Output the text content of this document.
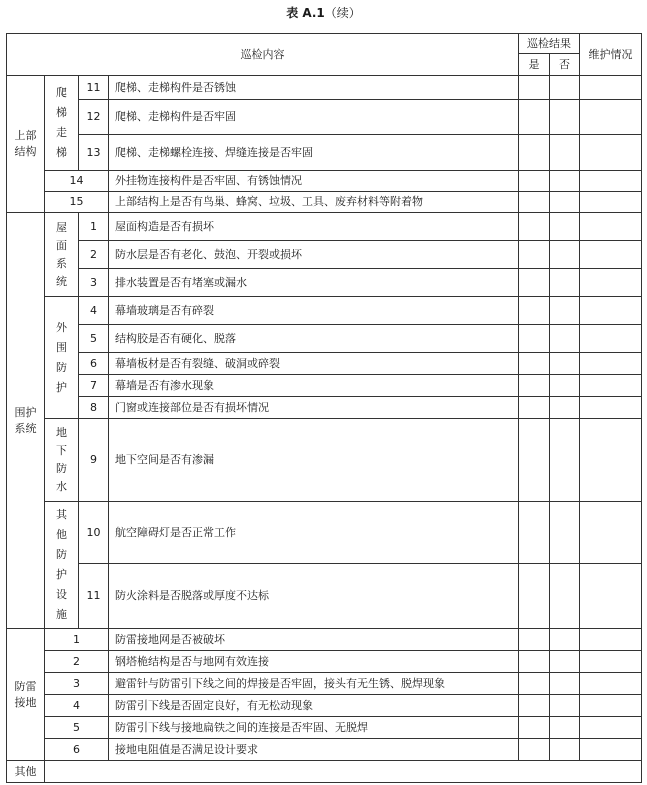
表 A.1（续）
巡检内容				巡检结果		维护情况
				是	否	
上部结构	爬梯走梯	11	爬梯、走梯构件是否锈蚀			
		12	爬梯、走梯构件是否牢固			
		13	爬梯、走梯螺栓连接、焊缝连接是否牢固			
	14		外挂物连接构件是否牢固、有锈蚀情况			
	15		上部结构上是否有鸟巢、蜂窝、垃圾、工具、废弃材料等附着物			
围护系统	屋面系统	1	屋面构造是否有损坏			
		2	防水层是否有老化、鼓泡、开裂或损坏			
		3	排水装置是否有堵塞或漏水			
	外围防护	4	幕墙玻璃是否有碎裂			
		5	结构胶是否有硬化、脱落			
		6	幕墙板材是否有裂缝、破洞或碎裂			
		7	幕墙是否有渗水现象			
		8	门窗或连接部位是否有损坏情况			
	地下防水	9	地下空间是否有渗漏			
	其他防护设施	10	航空障碍灯是否正常工作			
		11	防火涂料是否脱落或厚度不达标			
防雷接地	1		防雷接地网是否被破坏			
	2		钢塔桅结构是否与地网有效连接			
	3		避雷针与防雷引下线之间的焊接是否牢固，接头有无生锈、脱焊现象			
	4		防雷引下线是否固定良好，有无松动现象			
	5		防雷引下线与接地扁铁之间的连接是否牢固、无脱焊			
	6		接地电阻值是否满足设计要求			
其他						
